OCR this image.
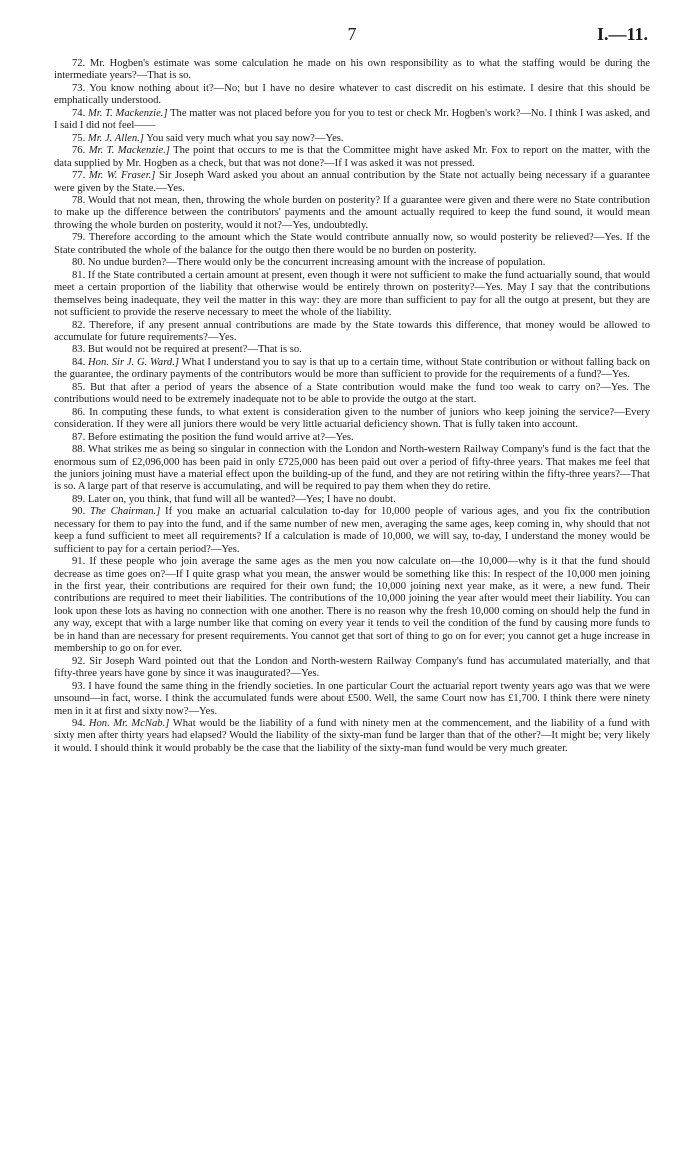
7	I.—11.

72. Mr. Hogben's estimate was some calculation he made on his own responsibility as to what the staffing would be during the intermediate years?—That is so.

73. You know nothing about it?—No; but I have no desire whatever to cast discredit on his estimate. I desire that this should be emphatically understood.

74. Mr. T. Mackenzie.] The matter was not placed before you for you to test or check Mr. Hogben's work?—No. I think I was asked, and I said I did not feel——

75. Mr. J. Allen.] You said very much what you say now?—Yes.

76. Mr. T. Mackenzie.] The point that occurs to me is that the Committee might have asked Mr. Fox to report on the matter, with the data supplied by Mr. Hogben as a check, but that was not done?—If I was asked it was not pressed.

77. Mr. W. Fraser.] Sir Joseph Ward asked you about an annual contribution by the State not actually being necessary if a guarantee were given by the State.—Yes.

78. Would that not mean, then, throwing the whole burden on posterity? If a guarantee were given and there were no State contribution to make up the difference between the contributors' payments and the amount actually required to keep the fund sound, it would mean throwing the whole burden on posterity, would it not?—Yes, undoubtedly.

79. Therefore according to the amount which the State would contribute annually now, so would posterity be relieved?—Yes. If the State contributed the whole of the balance for the outgo then there would be no burden on posterity.

80. No undue burden?—There would only be the concurrent increasing amount with the increase of population.

81. If the State contributed a certain amount at present, even though it were not sufficient to make the fund actuarially sound, that would meet a certain proportion of the liability that otherwise would be entirely thrown on posterity?—Yes. May I say that the contributions themselves being inadequate, they veil the matter in this way: they are more than sufficient to pay for all the outgo at present, but they are not sufficient to provide the reserve necessary to meet the whole of the liability.

82. Therefore, if any present annual contributions are made by the State towards this difference, that money would be allowed to accumulate for future requirements?—Yes.

83. But would not be required at present?—That is so.

84. Hon. Sir J. G. Ward.] What I understand you to say is that up to a certain time, without State contribution or without falling back on the guarantee, the ordinary payments of the contributors would be more than sufficient to provide for the requirements of a fund?—Yes.

85. But that after a period of years the absence of a State contribution would make the fund too weak to carry on?—Yes. The contributions would need to be extremely inadequate not to be able to provide the outgo at the start.

86. In computing these funds, to what extent is consideration given to the number of juniors who keep joining the service?—Every consideration. If they were all juniors there would be very little actuarial deficiency shown. That is fully taken into account.

87. Before estimating the position the fund would arrive at?—Yes.

88. What strikes me as being so singular in connection with the London and North-western Railway Company's fund is the fact that the enormous sum of £2,096,000 has been paid in only £725,000 has been paid out over a period of fifty-three years. That makes me feel that the juniors joining must have a material effect upon the building-up of the fund, and they are not retiring within the fifty-three years?—That is so. A large part of that reserve is accumulating, and will be required to pay them when they do retire.

89. Later on, you think, that fund will all be wanted?—Yes; I have no doubt.

90. The Chairman.] If you make an actuarial calculation to-day for 10,000 people of various ages, and you fix the contribution necessary for them to pay into the fund, and if the same number of new men, averaging the same ages, keep coming in, why should that not keep a fund sufficient to meet all requirements? If a calculation is made of 10,000, we will say, to-day, I understand the money would be sufficient to pay for a certain period?—Yes.

91. If these people who join average the same ages as the men you now calculate on—the 10,000—why is it that the fund should decrease as time goes on?—If I quite grasp what you mean, the answer would be something like this: In respect of the 10,000 men joining in the first year, their contributions are required for their own fund; the 10,000 joining next year make, as it were, a new fund. Their contributions are required to meet their liabilities. The contributions of the 10,000 joining the year after would meet their liability. You can look upon these lots as having no connection with one another. There is no reason why the fresh 10,000 coming on should help the fund in any way, except that with a large number like that coming on every year it tends to veil the condition of the fund by causing more funds to be in hand than are necessary for present requirements. You cannot get that sort of thing to go on for ever; you cannot get a huge increase in membership to go on for ever.

92. Sir Joseph Ward pointed out that the London and North-western Railway Company's fund has accumulated materially, and that fifty-three years have gone by since it was inaugurated?—Yes.

93. I have found the same thing in the friendly societies. In one particular Court the actuarial report twenty years ago was that we were unsound—in fact, worse. I think the accumulated funds were about £500. Well, the same Court now has £1,700. I think there were ninety men in it at first and sixty now?—Yes.

94. Hon. Mr. McNab.] What would be the liability of a fund with ninety men at the commencement, and the liability of a fund with sixty men after thirty years had elapsed? Would the liability of the sixty-man fund be larger than that of the other?—It might be; very likely it would. I should think it would probably be the case that the liability of the sixty-man fund would be very much greater.
